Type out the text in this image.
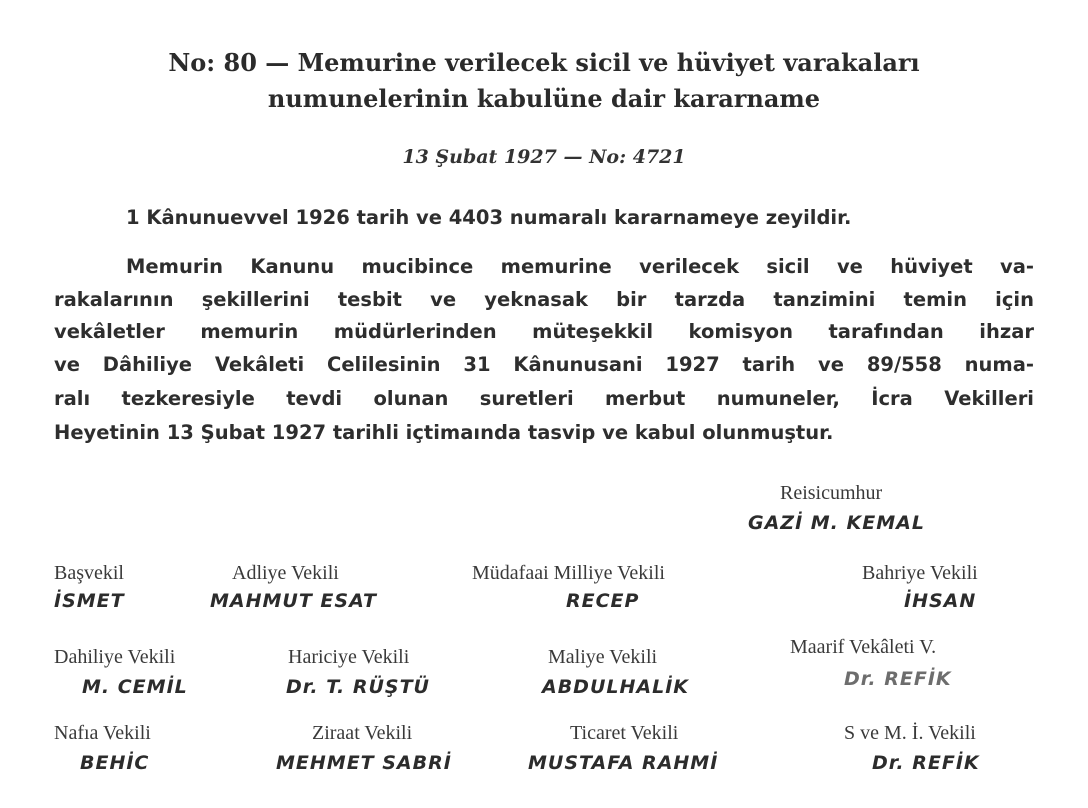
No: 80 — Memurine verilecek sicil ve hüviyet varakaları
numunelerinin kabulüne dair kararname
13 Şubat 1927 — No: 4721
1 Kânunuevvel 1926 tarih ve 4403 numaralı kararnameye zeyildir.
Memurin Kanunu mucibince memurine verilecek sicil ve hüviyet va-
rakalarının şekillerini tesbit ve yeknasak bir tarzda tanzimini temin için
vekâletler memurin müdürlerinden müteşekkil komisyon tarafından ihzar
ve Dâhiliye Vekâleti Celilesinin 31 Kânunusani 1927 tarih ve 89/558 numa-
ralı tezkeresiyle tevdi olunan suretleri merbut numuneler, İcra Vekilleri
Heyetinin 13 Şubat 1927 tarihli içtimaında tasvip ve kabul olunmuştur.
Reisicumhur
GAZİ M. KEMAL
Başvekil
İSMET
Adliye Vekili
MAHMUT ESAT
Müdafaai Milliye Vekili
RECEP
Bahriye Vekili
İHSAN
Dahiliye Vekili
M. CEMİL
Hariciye Vekili
Dr. T. RÜŞTÜ
Maliye Vekili
ABDULHALİK
Maarif Vekâleti V.
Dr. REFİK
Nafıa Vekili
BEHİC
Ziraat Vekili
MEHMET SABRİ
Ticaret Vekili
MUSTAFA RAHMİ
S ve M. İ. Vekili
Dr. REFİK
